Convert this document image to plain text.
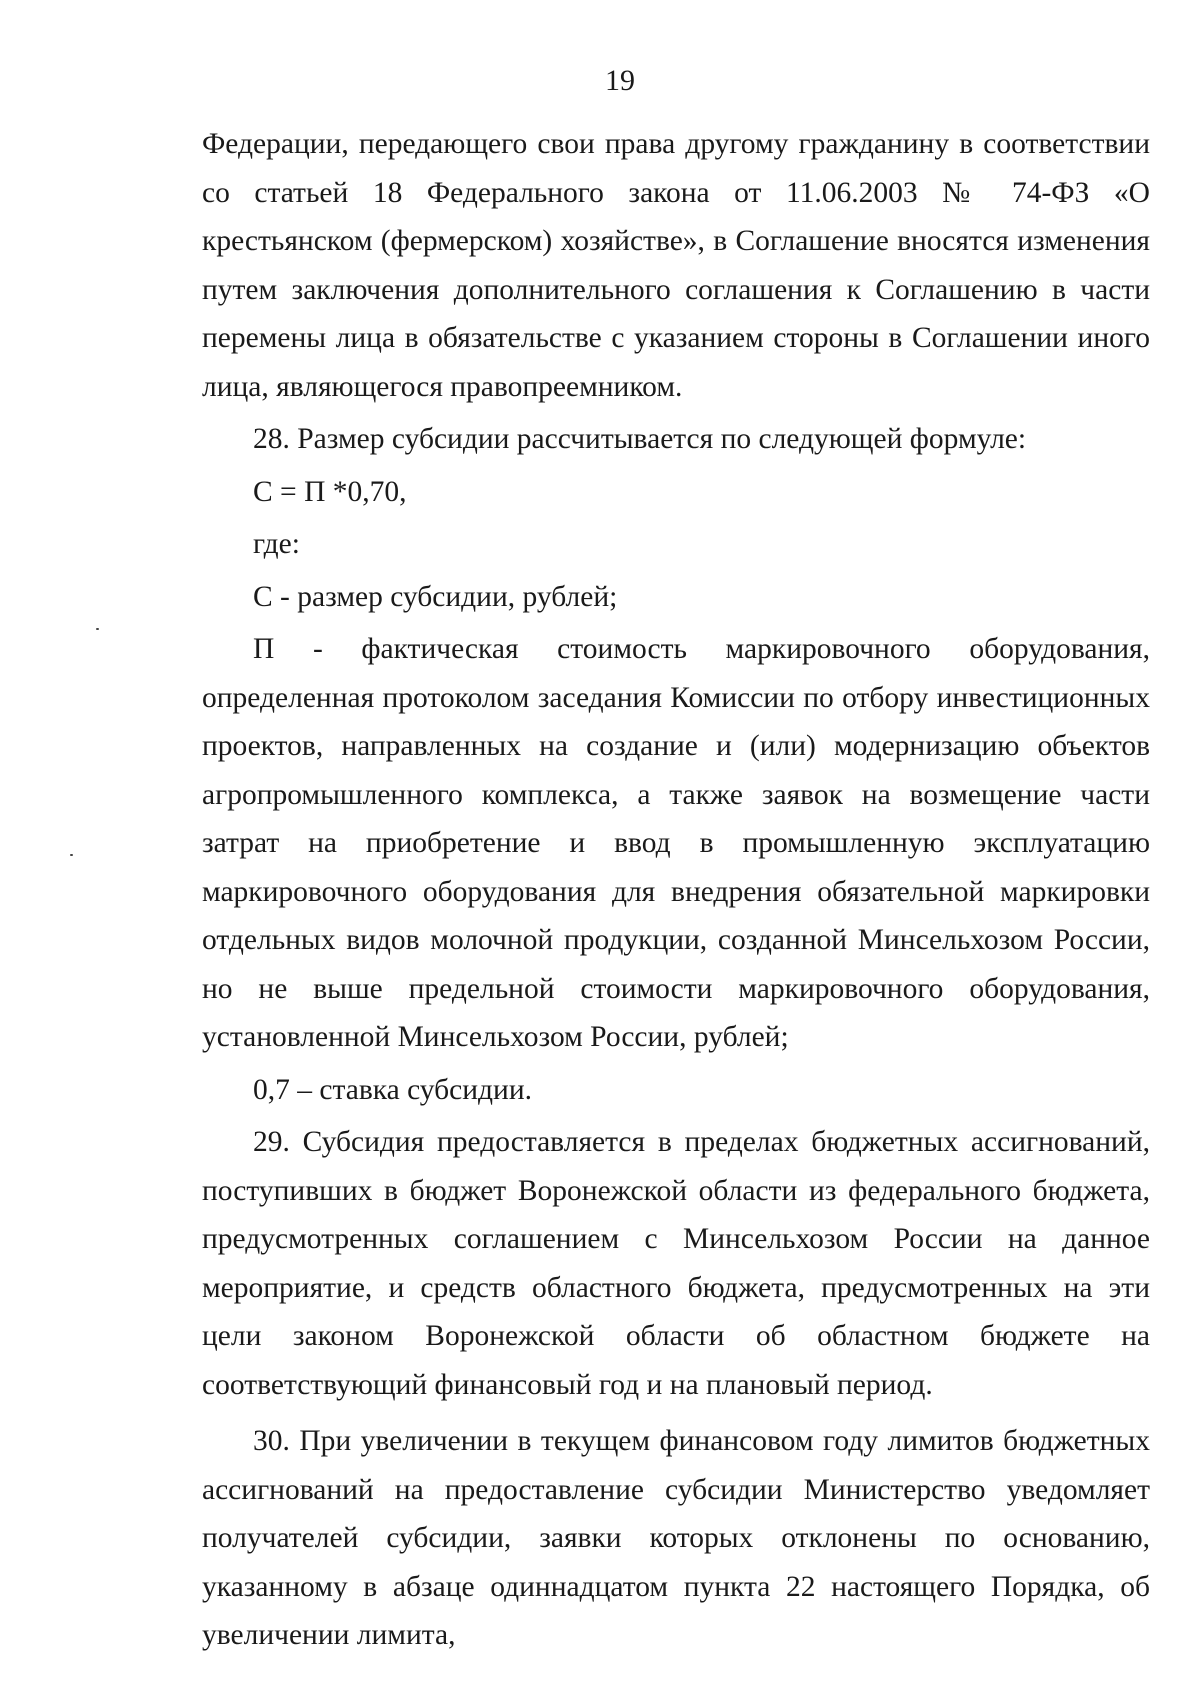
19

Федерации, передающего свои права другому гражданину в соответствии со статьей 18 Федерального закона от 11.06.2003 № 74-ФЗ «О крестьянском (фермерском) хозяйстве», в Соглашение вносятся изменения путем заключения дополнительного соглашения к Соглашению в части перемены лица в обязательстве с указанием стороны в Соглашении иного лица, являющегося правопреемником.

28. Размер субсидии рассчитывается по следующей формуле:

С = П *0,70,

где:

С - размер субсидии, рублей;

П - фактическая стоимость маркировочного оборудования, определенная протоколом заседания Комиссии по отбору инвестиционных проектов, направленных на создание и (или) модернизацию объектов агропромышленного комплекса, а также заявок на возмещение части затрат на приобретение и ввод в промышленную эксплуатацию маркировочного оборудования для внедрения обязательной маркировки отдельных видов молочной продукции, созданной Минсельхозом России, но не выше предельной стоимости маркировочного оборудования, установленной Минсельхозом России, рублей;

0,7 – ставка субсидии.

29. Субсидия предоставляется в пределах бюджетных ассигнований, поступивших в бюджет Воронежской области из федерального бюджета, предусмотренных соглашением с Минсельхозом России на данное мероприятие, и средств областного бюджета, предусмотренных на эти цели законом Воронежской области об областном бюджете на соответствующий финансовый год и на плановый период.

30. При увеличении в текущем финансовом году лимитов бюджетных ассигнований на предоставление субсидии Министерство уведомляет получателей субсидии, заявки которых отклонены по основанию, указанному в абзаце одиннадцатом пункта 22 настоящего Порядка, об увеличении лимита,
